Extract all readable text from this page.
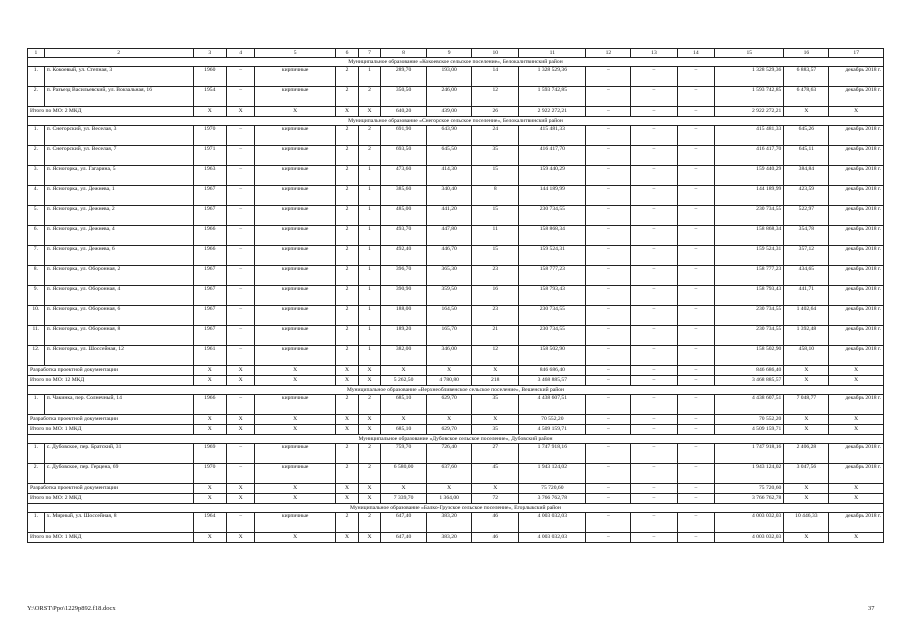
1	2	3	4	5	6	7	8	9	10	11	12	13	14	15	16	17
Муниципальное образование «Кокоевское сельское поселение», Белокалитвинский район																
1.	п. Кокоевый, ул. Степная, 3	1960	–	кирпичные	2	1	289,70	193,00	14	1 328 529,36	–	–	–	1 328 529,36	6 883,57	декабрь 2018 г.
2.	п. Разъезд Васильевский, ул. Вокзальная, 16	1954	–	кирпичные	2	2	350,50	246,00	12	1 593 742,85	–	–	–	1 593 742,85	6 478,63	декабрь 2018 г.
Итого по МО: 2 МКД		X	X	X	X	X	640,20	439,00	26	2 922 272,21	–	–	–	2 922 272,21	X	X
Муниципальное образование «Снегорское сельское поселение», Белокалитвинский район																
1.	п. Снегорский, ул. Веселая, 3	1970	–	кирпичные	2	2	691,90	643,90	24	415 481,33	–	–	–	415 481,33	645,26	декабрь 2018 г.
2.	п. Снегорский, ул. Веселая, 7	1971	–	кирпичные	2	2	693,50	645,50	35	416 417,70	–	–	–	416 417,70	645,11	декабрь 2018 г.
3.	п. Ясногорка, ул. Гагарина, 5	1963	–	кирпичные	2	1	473,60	414,30	15	159 440,29	–	–	–	159 440,29	384,84	декабрь 2018 г.
4.	п. Ясногорка, ул. Дежнева, 1	1967	–	кирпичные	2	1	385,60	340,40	8	144 189,99	–	–	–	144 189,99	423,59	декабрь 2018 г.
5.	п. Ясногорка, ул. Дежнева, 2	1967	–	кирпичные	2	1	485,00	441,20	15	230 734,55	–	–	–	230 734,55	522,97	декабрь 2018 г.
6.	п. Ясногорка, ул. Дежнева, 4	1966	–	кирпичные	2	1	493,70	447,80	11	158 868,34	–	–	–	158 868,34	354,78	декабрь 2018 г.
7.	п. Ясногорка, ул. Дежнева, 6	1966	–	кирпичные	2	1	492,40	446,70	15	159 524,31	–	–	–	159 524,31	357,12	декабрь 2018 г.
8.	п. Ясногорка, ул. Оборонная, 2	1967	–	кирпичные	2	1	396,70	365,30	23	158 777,23	–	–	–	158 777,23	434,65	декабрь 2018 г.
9.	п. Ясногорка, ул. Оборонная, 4	1967	–	кирпичные	2	1	390,90	359,50	16	158 793,43	–	–	–	158 793,43	441,71	декабрь 2018 г.
10.	п. Ясногорка, ул. Оборонная, 6	1967	–	кирпичные	2	1	188,00	164,50	23	230 734,55	–	–	–	230 734,55	1 402,64	декабрь 2018 г.
11.	п. Ясногорка, ул. Оборонная, 8	1967	–	кирпичные	2	1	189,20	165,70	21	230 734,55	–	–	–	230 734,55	1 392,48	декабрь 2018 г.
12.	п. Ясногорка, ул. Шоссейная, 12	1961	–	кирпичные	2	1	382,00	346,00	12	158 502,90	–	–	–	158 502,90	458,10	декабрь 2018 г.
Разработка проектной документации		X	X	X	X	X	X	X	X	846 686,40	–	–	–	846 686,40	X	X
Итого по МО: 12 МКД		X	X	X	X	X	5 262,50	4 780,80	218	3 468 885,57	–	–	–	3 468 885,57	X	X
Муниципальное образование «Верхнеобливенское сельское поселение», Вешенский район																
1.	п. Чакинка, пер. Солнечный, 14	1966	–	кирпичные	2	2	685,10	629,70	35	4 438 607,51	–	–	–	4 438 607,51	7 048,77	декабрь 2018 г.
Разработка проектной документации		X	X	X	X	X	X	X	X	70 552,20	–	–	–	70 552,20	X	X
Итого по МО: 1 МКД		X	X	X	X	X	685,10	629,70	35	4 509 159,71	–	–	–	4 509 159,71	X	X
Муниципальное образование «Дубовское сельское поселение», Дубовский район																
1.	с. Дубовское, пер. Братский, 31	1969	–	кирпичные	2	2	759,70	726,40	27	1 747 918,16	–	–	–	1 747 918,16	2 406,28	декабрь 2018 г.
2.	с. Дубовское, пер. Герцена, 69	1970	–	кирпичные	2	2	6 580,00	637,60	45	1 943 124,02	–	–	–	1 943 124,02	3 047,56	декабрь 2018 г.
Разработка проектной документации		X	X	X	X	X	X	X	X	75 720,60	–	–	–	75 720,60	X	X
Итого по МО: 2 МКД		X	X	X	X	X	7 339,70	1 364,00	72	3 766 762,78	–	–	–	3 766 762,78	X	X
Муниципальное образование «Балко-Грузское сельское поселение», Егорлыкский район																
1.	х. Мирный, ул. Шоссейная, 8	1964	–	кирпичные	2	2	647,40	383,20	46	4 003 032,03	–	–	–	4 003 032,03	10 446,33	декабрь 2018 г.
Итого по МО: 1 МКД		X	X	X	X	X	647,40	383,20	46	4 003 032,03	–	–	–	4 003 032,03	X	X
Y:\ORST\Ppo\1229p892.f18.docx	37
